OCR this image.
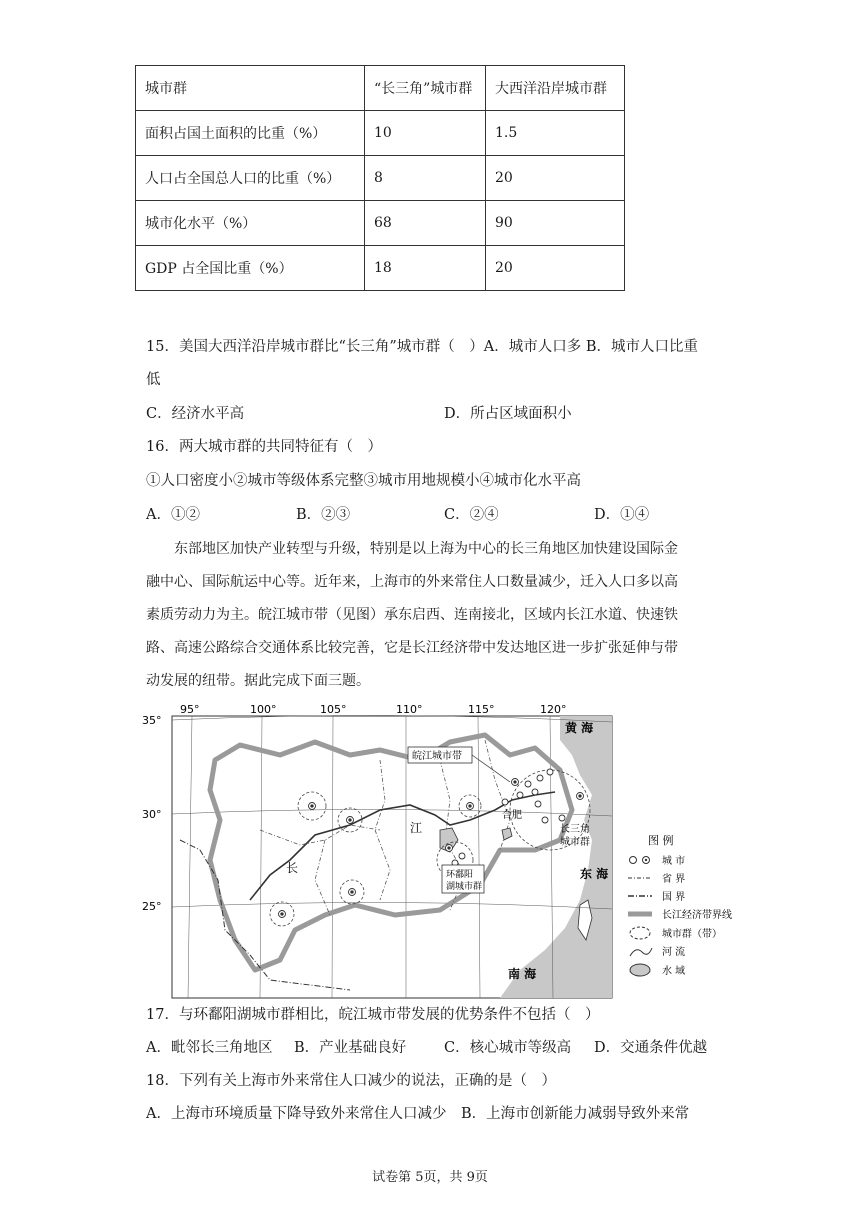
城市群	“长三角”城市群	大西洋沿岸城市群
面积占国土面积的比重（%）	10	1.5
人口占全国总人口的比重（%）	8	20
城市化水平（%）	68	90
GDP 占全国比重（%）	18	20
15．美国大西洋沿岸城市群比“长三角”城市群（　）A．城市人口多 B．城市人口比重
低
C．经济水平高	D．所占区域面积小
16．两大城市群的共同特征有（　）
①人口密度小②城市等级体系完整③城市用地规模小④城市化水平高
A．①②	B．②③	C．②④	D．①④
　　东部地区加快产业转型与升级，特别是以上海为中心的长三角地区加快建设国际金
融中心、国际航运中心等。近年来，上海市的外来常住人口数量减少，迁入人口多以高
素质劳动力为主。皖江城市带（见图）承东启西、连南接北，区域内长江水道、快速铁
路、高速公路综合交通体系比较完善，它是长江经济带中发达地区进一步扩张延伸与带
动发展的纽带。据此完成下面三题。
95°	100°	105°	110°	115°	120°
35°
30°
25°
皖江城市带
合肥
江
长	环鄱阳
湖城市群
长三角
城市群
黄 海
东 海
南 海
图 例
城 市
省 界
国 界
长江经济带界线
城市群（带）
河 流
水 域
17．与环鄱阳湖城市群相比，皖江城市带发展的优势条件不包括（　）
A．毗邻长三角地区 B．产业基础良好	C．核心城市等级高 D．交通条件优越
18．下列有关上海市外来常住人口减少的说法，正确的是（　）
A．上海市环境质量下降导致外来常住人口减少　B．上海市创新能力减弱导致外来常
试卷第 5页，共 9页
